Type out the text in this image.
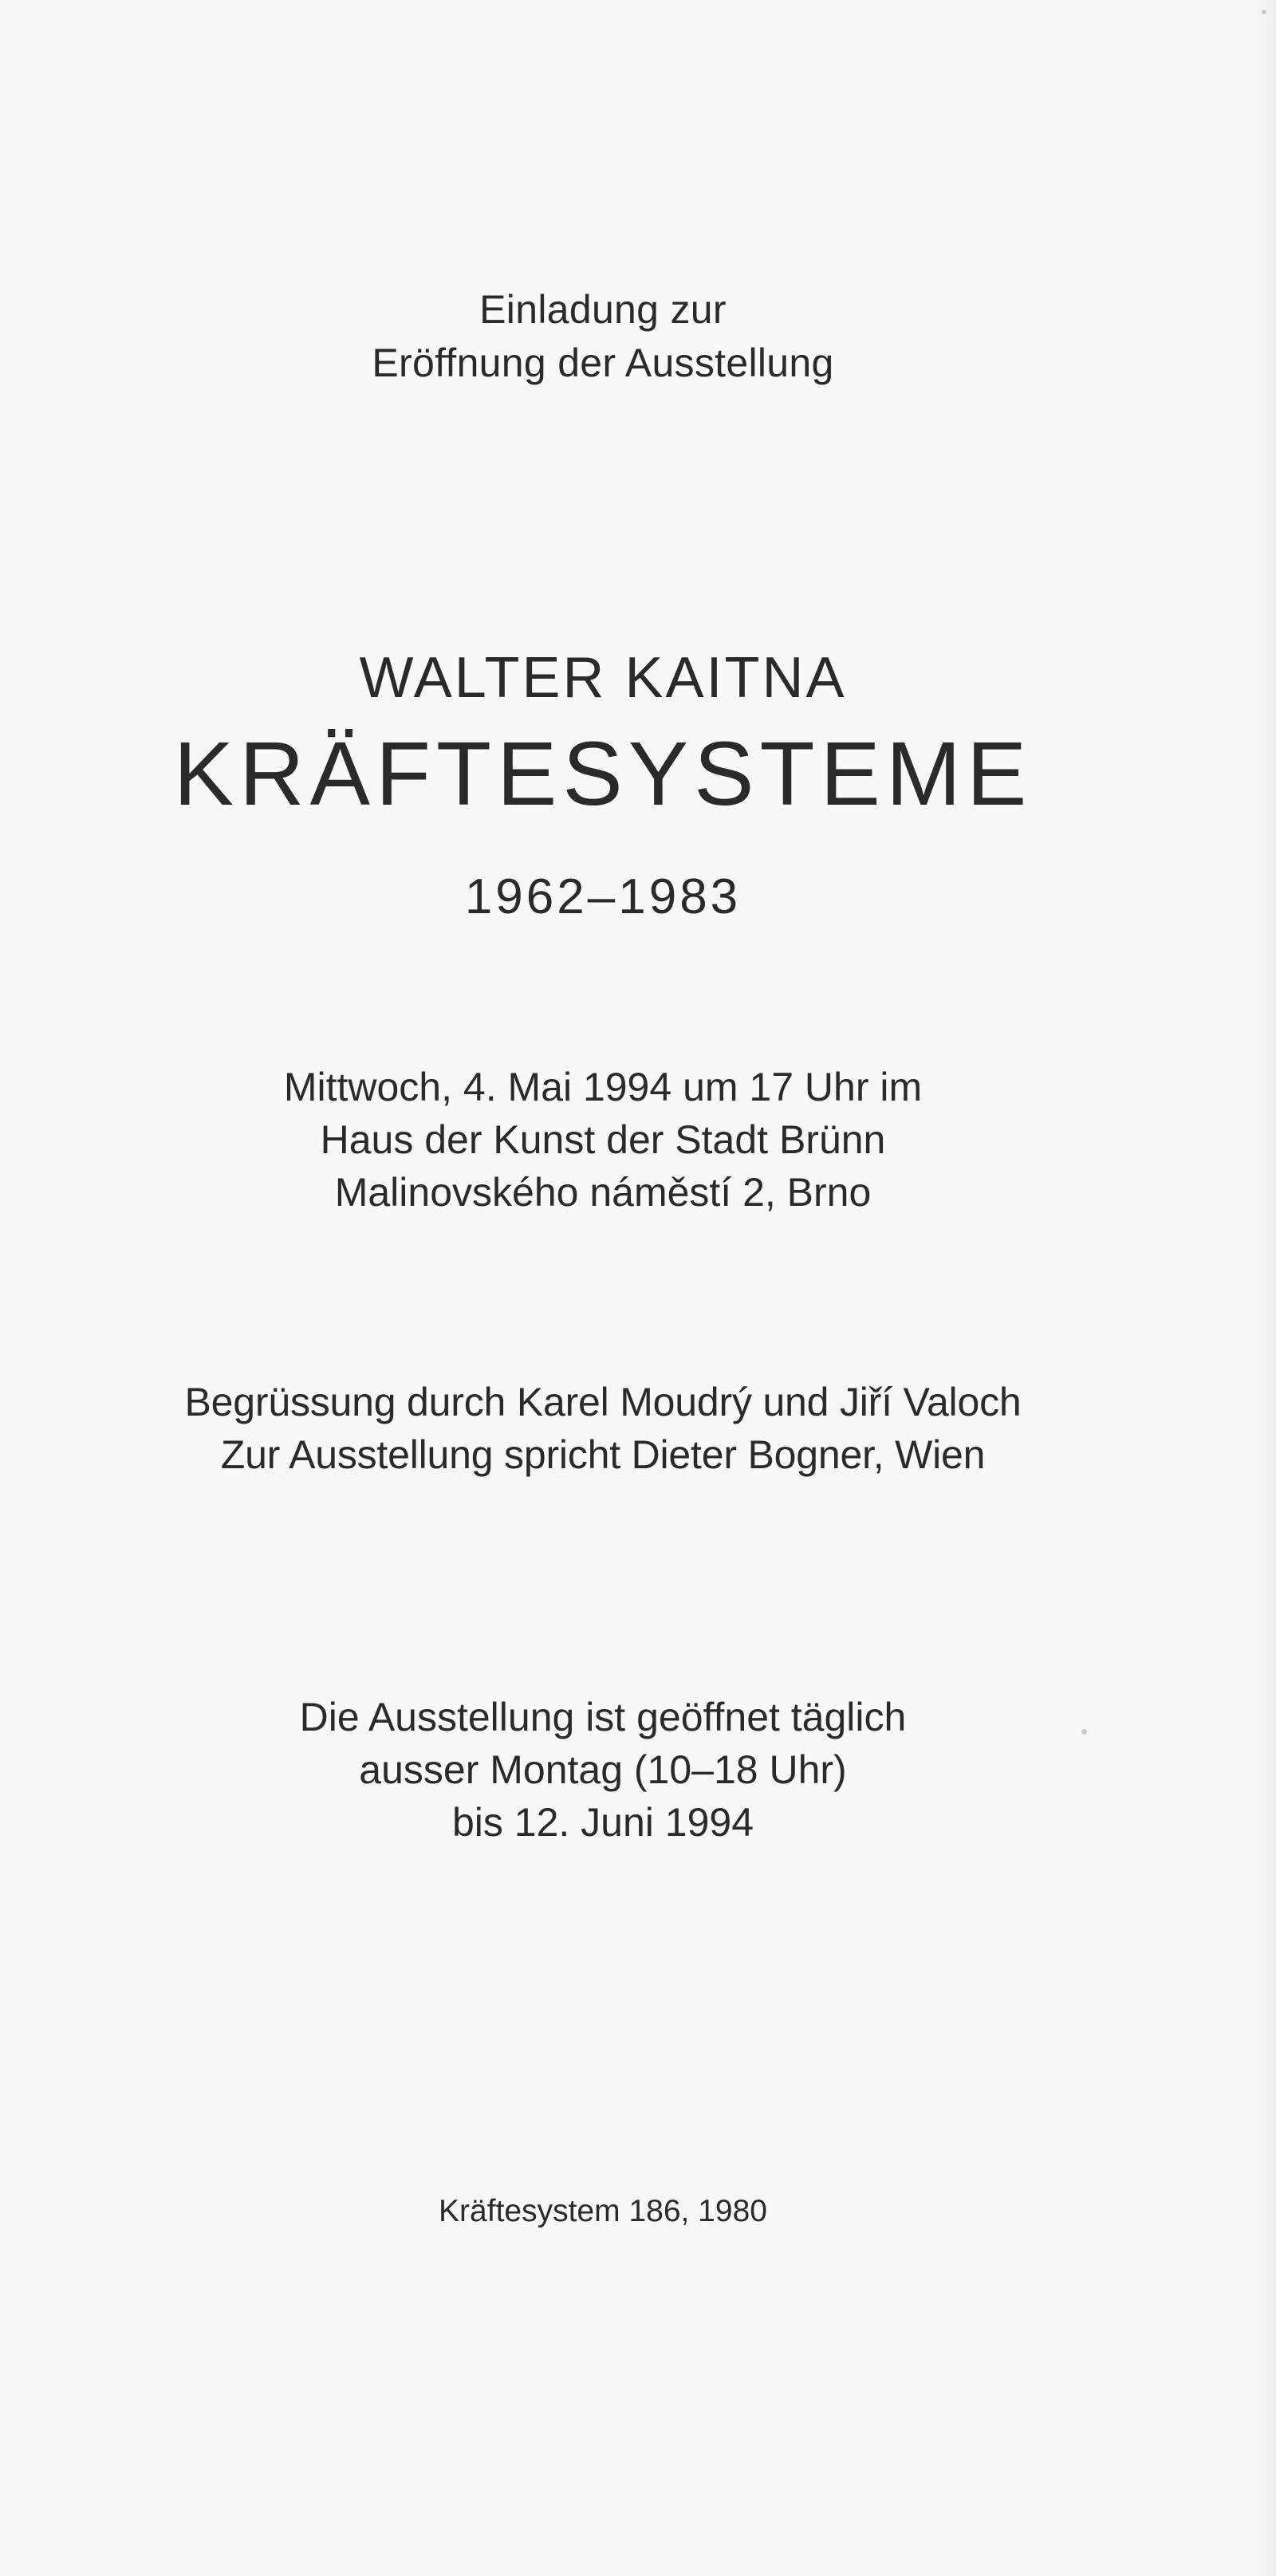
Einladung zur
Eröffnung der Ausstellung
WALTER KAITNA
KRÄFTESYSTEME
1962–1983
Mittwoch, 4. Mai 1994 um 17 Uhr im
Haus der Kunst der Stadt Brünn
Malinovského náměstí 2, Brno
Begrüssung durch Karel Moudrý und Jiří Valoch
Zur Ausstellung spricht Dieter Bogner, Wien
Die Ausstellung ist geöffnet täglich
ausser Montag (10–18 Uhr)
bis 12. Juni 1994
Kräftesystem 186, 1980
